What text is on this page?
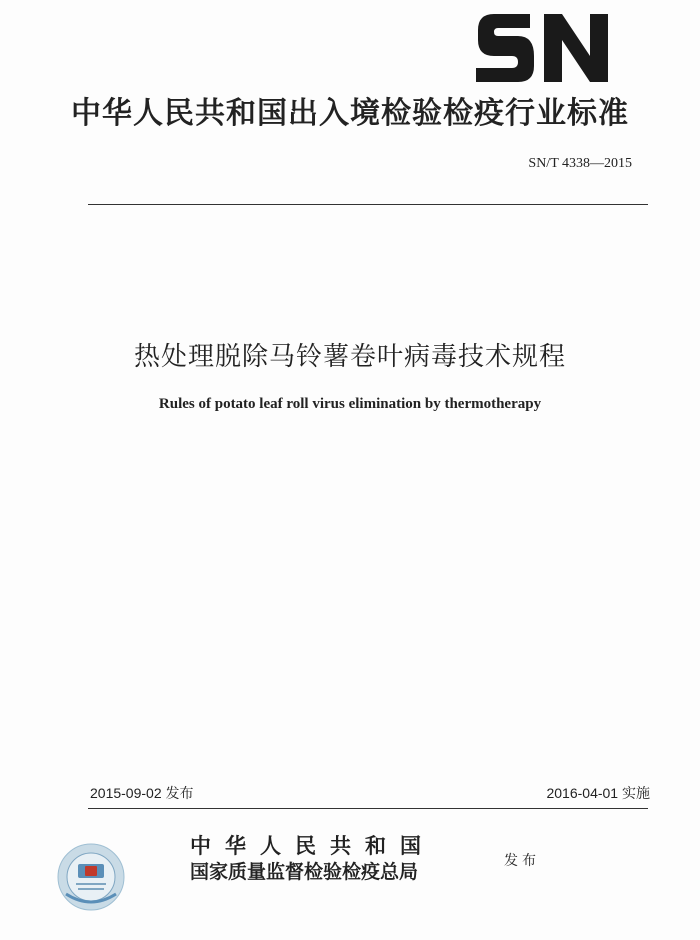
中华人民共和国出入境检验检疫行业标准
SN/T 4338—2015
热处理脱除马铃薯卷叶病毒技术规程
Rules of potato leaf roll virus elimination by thermotherapy
2015-09-02 发布	2016-04-01 实施
中华人民共和国
国家质量监督检验检疫总局	发布
